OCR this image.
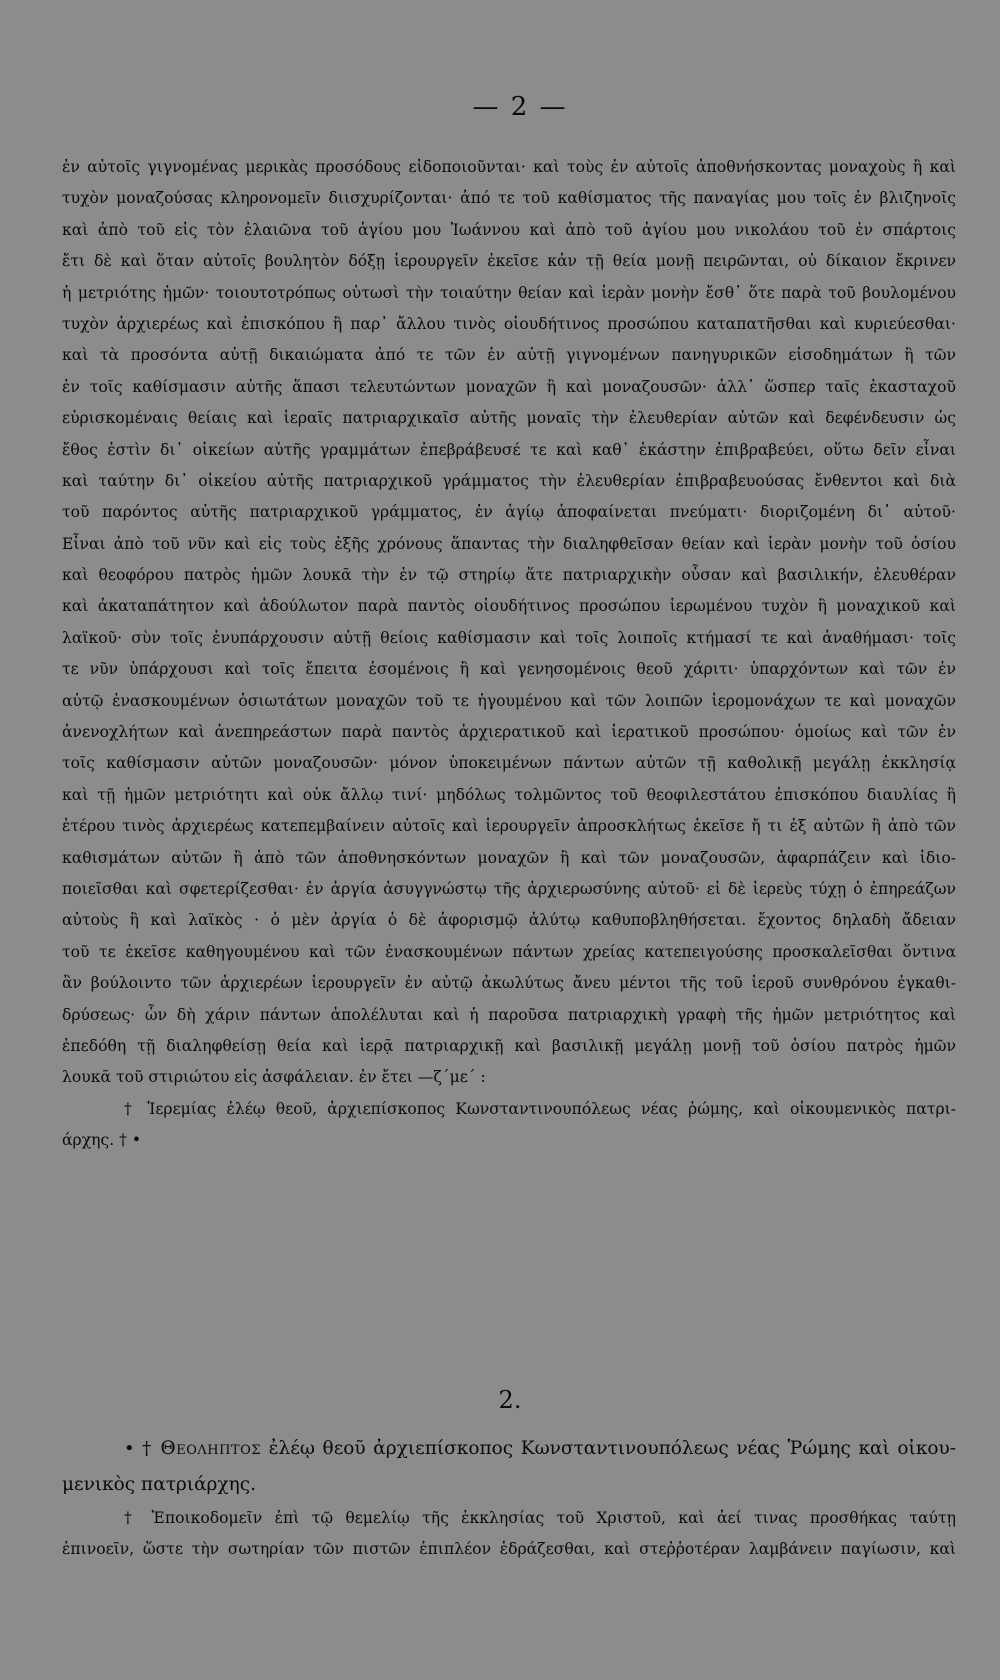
— 2 —
ἐν αὐτοῖς γιγνομένας μερικὰς προσόδους εἰδοποιοῦνται· καὶ τοὺς ἐν αὐτοῖς ἀποθνήσκοντας μοναχοὺς ἢ καὶ
τυχὸν μοναζούσας κληρονομεῖν διισχυρίζονται· ἀπό τε τοῦ καθίσματος τῆς παναγίας μου τοῖς ἐν βλιζηνοῖς
καὶ ἀπὸ τοῦ εἰς τὸν ἐλαιῶνα τοῦ ἁγίου μου Ἰωάννου καὶ ἀπὸ τοῦ ἁγίου μου νικολάου τοῦ ἐν σπάρτοις
ἔτι δὲ καὶ ὅταν αὐτοῖς βουλητὸν δόξῃ ἱερουργεῖν ἐκεῖσε κἀν τῇ θεία μονῇ πειρῶνται, οὐ δίκαιον ἔκρινεν
ἡ μετριότης ἡμῶν· τοιουτοτρόπως οὑτωσὶ τὴν τοιαύτην θείαν καὶ ἱερὰν μονὴν ἔσθ᾽ ὅτε παρὰ τοῦ βουλομένου
τυχὸν ἀρχιερέως καὶ ἐπισκόπου ἢ παρ᾽ ἄλλου τινὸς οἱουδήτινος προσώπου καταπατῆσθαι καὶ κυριεύεσθαι·
καὶ τὰ προσόντα αὐτῇ δικαιώματα ἀπό τε τῶν ἐν αὐτῇ γιγνομένων πανηγυρικῶν εἰσοδημάτων ἢ τῶν
ἐν τοῖς καθίσμασιν αὐτῆς ἅπασι τελευτώντων μοναχῶν ἢ καὶ μοναζουσῶν· ἀλλ᾽ ὥσπερ ταῖς ἑκασταχοῦ
εὑρισκομέναις θείαις καὶ ἱεραῖς πατριαρχικαῖσ αὐτῆς μοναῖς τὴν ἐλευθερίαν αὐτῶν καὶ δεφένδευσιν ὡς
ἔθος ἐστὶν δι᾽ οἰκείων αὐτῆς γραμμάτων ἐπεβράβευσέ τε καὶ καθ᾽ ἑκάστην ἐπιβραβεύει, οὕτω δεῖν εἶναι
καὶ ταύτην δι᾽ οἰκείου αὐτῆς πατριαρχικοῦ γράμματος τὴν ἐλευθερίαν ἐπιβραβευούσας ἔνθεντοι καὶ διὰ
τοῦ παρόντος αὐτῆς πατριαρχικοῦ γράμματος, ἐν ἁγίῳ ἀποφαίνεται πνεύματι· διοριζομένη δι᾽ αὐτοῦ·
Εἶναι ἀπὸ τοῦ νῦν καὶ εἰς τοὺς ἑξῆς χρόνους ἅπαντας τὴν διαληφθεῖσαν θείαν καὶ ἱερὰν μονὴν τοῦ ὁσίου
καὶ θεοφόρου πατρὸς ἡμῶν λουκᾶ τὴν ἐν τῷ στηρίῳ ἅτε πατριαρχικὴν οὖσαν καὶ βασιλικήν, ἐλευθέραν
καὶ ἀκαταπάτητον καὶ ἀδούλωτον παρὰ παντὸς οἱουδήτινος προσώπου ἱερωμένου τυχὸν ἢ μοναχικοῦ καὶ
λαϊκοῦ· σὺν τοῖς ἐνυπάρχουσιν αὐτῇ θείοις καθίσμασιν καὶ τοῖς λοιποῖς κτήμασί τε καὶ ἀναθήμασι· τοῖς
τε νῦν ὑπάρχουσι καὶ τοῖς ἔπειτα ἐσομένοις ἢ καὶ γενησομένοις θεοῦ χάριτι· ὑπαρχόντων καὶ τῶν ἐν
αὐτῷ ἐνασκουμένων ὁσιωτάτων μοναχῶν τοῦ τε ἡγουμένου καὶ τῶν λοιπῶν ἱερομονάχων τε καὶ μοναχῶν
ἀνενοχλήτων καὶ ἀνεπηρεάστων παρὰ παντὸς ἀρχιερατικοῦ καὶ ἱερατικοῦ προσώπου· ὁμοίως καὶ τῶν ἐν
τοῖς καθίσμασιν αὐτῶν μοναζουσῶν· μόνον ὑποκειμένων πάντων αὐτῶν τῇ καθολικῇ μεγάλῃ ἐκκλησίᾳ
καὶ τῇ ἡμῶν μετριότητι καὶ οὐκ ἄλλῳ τινί· μηδόλως τολμῶντος τοῦ θεοφιλεστάτου ἐπισκόπου διαυλίας ἢ
ἑτέρου τινὸς ἀρχιερέως κατεπεμβαίνειν αὐτοῖς καὶ ἱερουργεῖν ἀπροσκλήτως ἐκεῖσε ἤ τι ἐξ αὐτῶν ἢ ἀπὸ τῶν
καθισμάτων αὐτῶν ἢ ἀπὸ τῶν ἀποθνησκόντων μοναχῶν ἢ καὶ τῶν μοναζουσῶν, ἀφαρπάζειν καὶ ἰδιο-
ποιεῖσθαι καὶ σφετερίζεσθαι· ἐν ἀργία ἀσυγγνώστῳ τῆς ἀρχιερωσύνης αὐτοῦ· εἰ δὲ ἱερεὺς τύχῃ ὁ ἐπηρεάζων
αὐτοὺς ἢ καὶ λαϊκὸς · ὁ μὲν ἀργία ὁ δὲ ἀφορισμῷ ἀλύτῳ καθυποβληθήσεται. ἔχοντος δηλαδὴ ἄδειαν
τοῦ τε ἐκεῖσε καθηγουμένου καὶ τῶν ἐνασκουμένων πάντων χρείας κατεπειγούσης προσκαλεῖσθαι ὅντινα
ἂν βούλοιντο τῶν ἀρχιερέων ἱερουργεῖν ἐν αὐτῷ ἀκωλύτως ἄνευ μέντοι τῆς τοῦ ἱεροῦ συνθρόνου ἐγκαθι-
δρύσεως· ὧν δὴ χάριν πάντων ἀπολέλυται καὶ ἡ παροῦσα πατριαρχικὴ γραφὴ τῆς ἡμῶν μετριότητος καὶ
ἐπεδόθη τῇ διαληφθείσῃ θεία καὶ ἱερᾷ πατριαρχικῇ καὶ βασιλικῇ μεγάλῃ μονῇ τοῦ ὁσίου πατρὸς ἡμῶν
λουκᾶ τοῦ στιριώτου εἰς ἀσφάλειαν. ἐν ἔτει —ζ΄με΄ :
† Ἱερεμίας ἐλέῳ θεοῦ, ἀρχιεπίσκοπος Κωνσταντινουπόλεως νέας ῥώμης, καὶ οἰκουμενικὸς πατρι-
άρχης. † •
2.
• † Θεοληπτος ἐλέῳ θεοῦ ἀρχιεπίσκοπος Κωνσταντινουπόλεως νέας Ῥώμης καὶ οἰκου-
μενικὸς πατριάρχης.
† Ἐποικοδομεῖν ἐπὶ τῷ θεμελίῳ τῆς ἐκκλησίας τοῦ Χριστοῦ, καὶ ἀεί τινας προσθήκας ταύτῃ
ἐπινοεῖν, ὥστε τὴν σωτηρίαν τῶν πιστῶν ἐπιπλέον ἑδράζεσθαι, καὶ στεῤῥοτέραν λαμβάνειν παγίωσιν, καὶ
